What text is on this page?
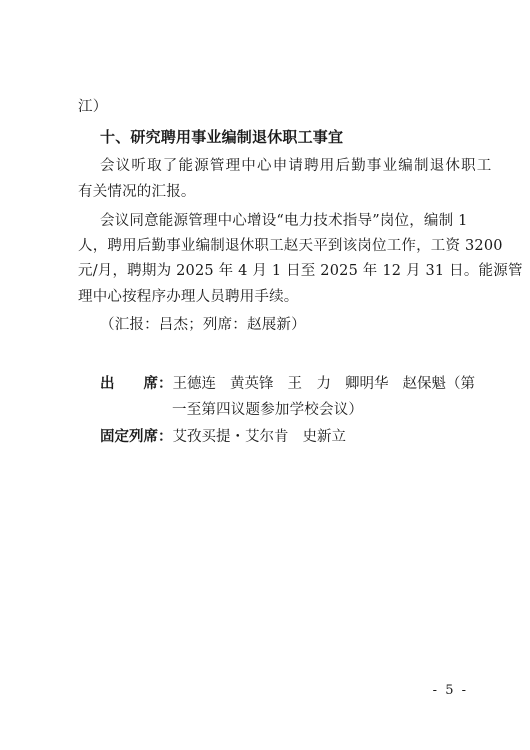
江）
十、研究聘用事业编制退休职工事宜
会议听取了能源管理中心申请聘用后勤事业编制退休职工
有关情况的汇报。
会议同意能源管理中心增设“电力技术指导”岗位，编制 1
人，聘用后勤事业编制退休职工赵天平到该岗位工作，工资 3200
元/月，聘期为 2025 年 4 月 1 日至 2025 年 12 月 31 日。能源管
理中心按程序办理人员聘用手续。
（汇报：吕杰；列席：赵展新）
出　　席：王德连 黄英锋 王　力 卿明华 赵保魁（第
一至第四议题参加学校会议）
固定列席：艾孜买提・艾尔肯 史新立
- 5 -
